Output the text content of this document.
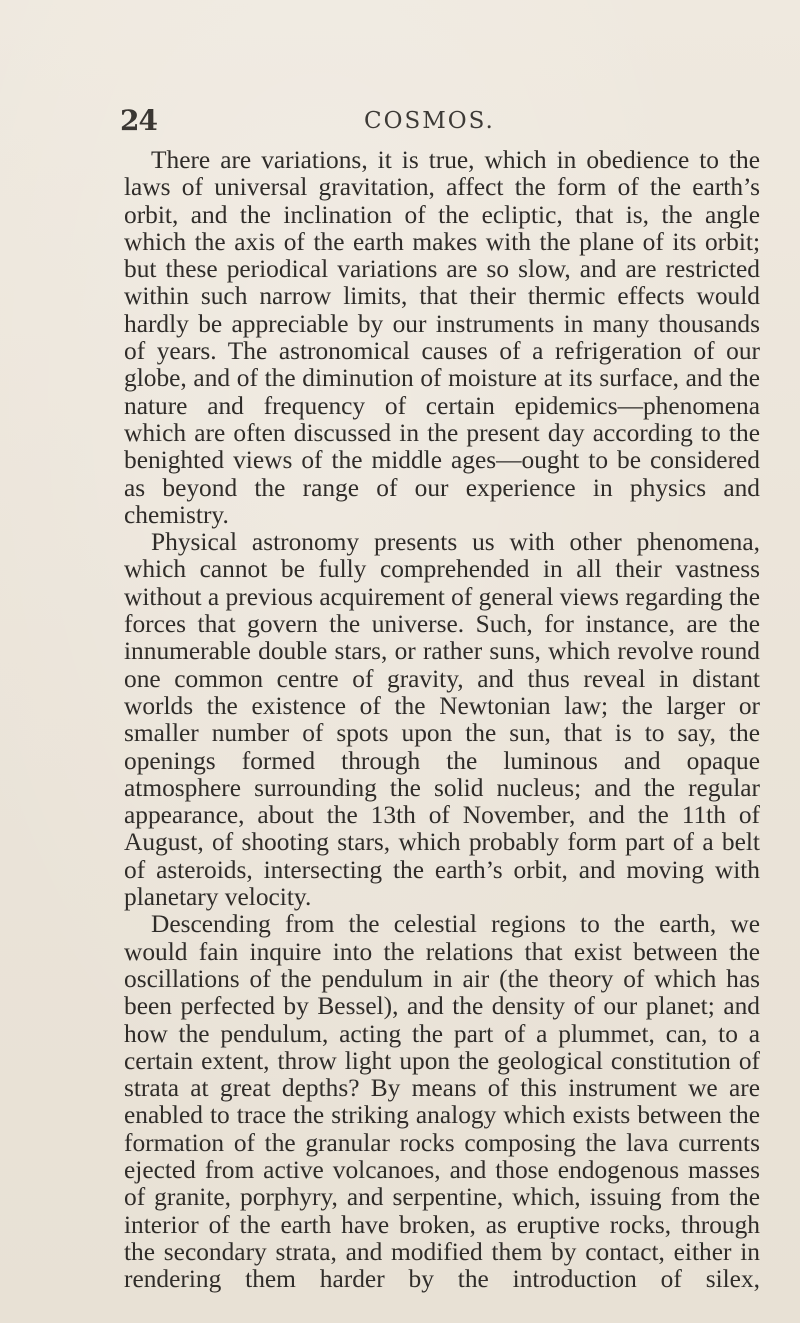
24	COSMOS.

There are variations, it is true, which in obedience to the laws of universal gravitation, affect the form of the earth’s orbit, and the inclination of the ecliptic, that is, the angle which the axis of the earth makes with the plane of its orbit; but these periodical variations are so slow, and are restricted within such narrow limits, that their thermic effects would hardly be appreciable by our instruments in many thousands of years. The astronomical causes of a refrigeration of our globe, and of the diminution of moisture at its surface, and the nature and frequency of certain epidemics—phenomena which are often discussed in the present day according to the benighted views of the middle ages—ought to be considered as beyond the range of our experience in physics and chemistry.

Physical astronomy presents us with other phenomena, which cannot be fully comprehended in all their vastness without a previous acquirement of general views regarding the forces that govern the universe. Such, for instance, are the innumerable double stars, or rather suns, which revolve round one common centre of gravity, and thus reveal in distant worlds the existence of the Newtonian law; the larger or smaller number of spots upon the sun, that is to say, the openings formed through the luminous and opaque atmosphere surrounding the solid nucleus; and the regular appearance, about the 13th of November, and the 11th of August, of shooting stars, which probably form part of a belt of asteroids, intersecting the earth’s orbit, and moving with planetary velocity.

Descending from the celestial regions to the earth, we would fain inquire into the relations that exist between the oscillations of the pendulum in air (the theory of which has been perfected by Bessel), and the density of our planet; and how the pendulum, acting the part of a plummet, can, to a certain extent, throw light upon the geological constitution of strata at great depths? By means of this instrument we are enabled to trace the striking analogy which exists between the formation of the granular rocks composing the lava currents ejected from active volcanoes, and those endogenous masses of granite, porphyry, and serpentine, which, issuing from the interior of the earth have broken, as eruptive rocks, through the secondary strata, and modified them by contact, either in rendering them harder by the introduction of silex,
